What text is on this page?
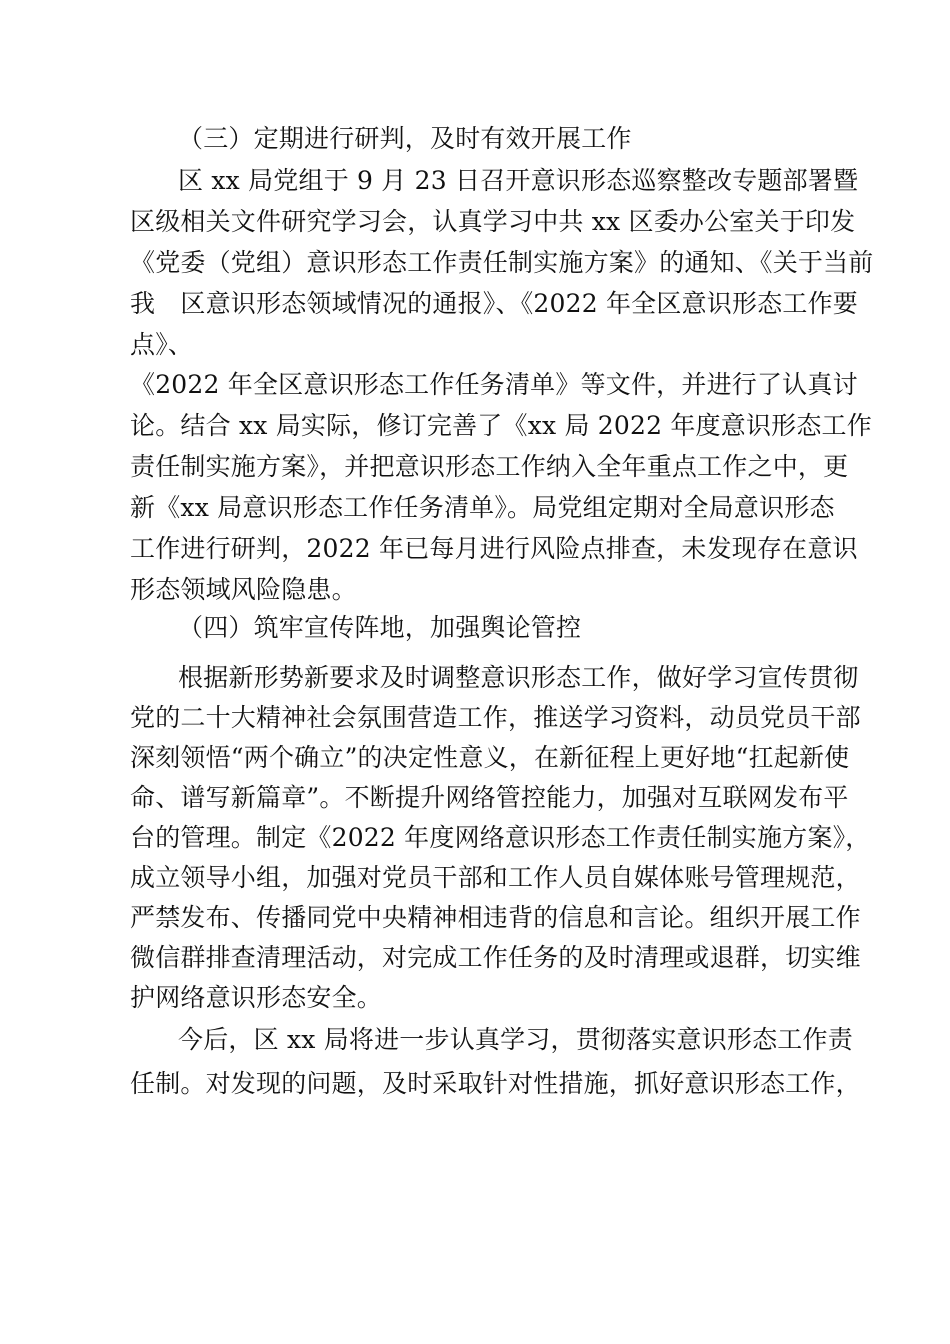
（三）定期进行研判，及时有效开展工作
区 xx 局党组于 9 月 23 日召开意识形态巡察整改专题部署暨
区级相关文件研究学习会，认真学习中共 xx 区委办公室关于印发
《党委（党组）意识形态工作责任制实施方案》的通知、《关于当前
我　区意识形态领域情况的通报》、《2022 年全区意识形态工作要
点》、
《2022 年全区意识形态工作任务清单》等文件，并进行了认真讨
论。结合 xx 局实际，修订完善了《xx 局 2022 年度意识形态工作
责任制实施方案》，并把意识形态工作纳入全年重点工作之中，更
新《xx 局意识形态工作任务清单》。局党组定期对全局意识形态
工作进行研判，2022 年已每月进行风险点排查，未发现存在意识
形态领域风险隐患。
（四）筑牢宣传阵地，加强舆论管控
根据新形势新要求及时调整意识形态工作，做好学习宣传贯彻
党的二十大精神社会氛围营造工作，推送学习资料，动员党员干部
深刻领悟“两个确立”的决定性意义，在新征程上更好地“扛起新使
命、谱写新篇章”。不断提升网络管控能力，加强对互联网发布平
台的管理。制定《2022 年度网络意识形态工作责任制实施方案》，
成立领导小组，加强对党员干部和工作人员自媒体账号管理规范，
严禁发布、传播同党中央精神相违背的信息和言论。组织开展工作
微信群排查清理活动，对完成工作任务的及时清理或退群，切实维
护网络意识形态安全。
今后，区 xx 局将进一步认真学习，贯彻落实意识形态工作责
任制。对发现的问题，及时采取针对性措施，抓好意识形态工作，
